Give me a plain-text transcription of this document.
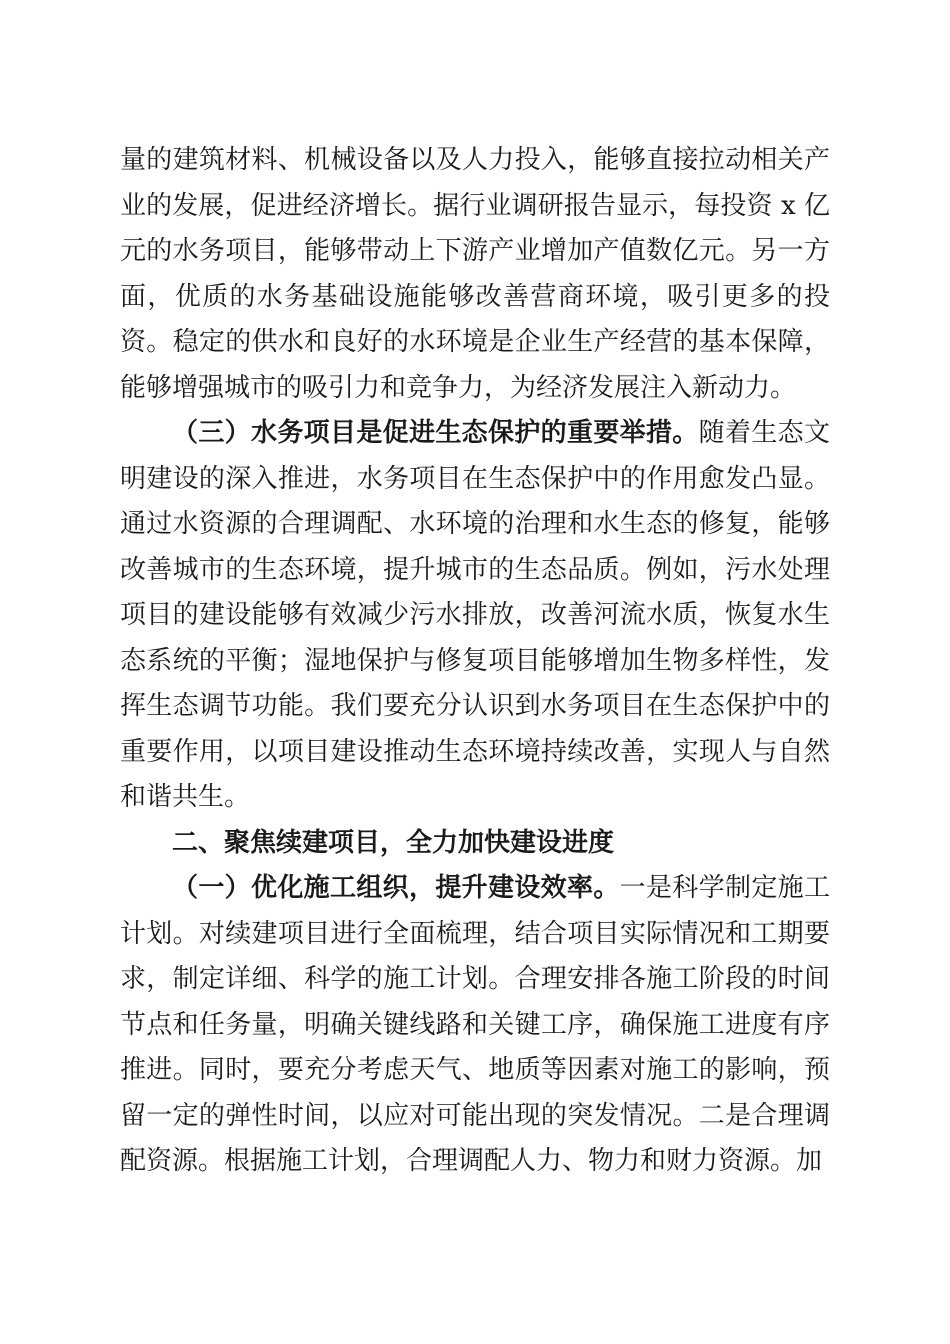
量的建筑材料、机械设备以及人力投入，能够直接拉动相关产业的发展，促进经济增长。据行业调研报告显示，每投资 x 亿元的水务项目，能够带动上下游产业增加产值数亿元。另一方面，优质的水务基础设施能够改善营商环境，吸引更多的投资。稳定的供水和良好的水环境是企业生产经营的基本保障，能够增强城市的吸引力和竞争力，为经济发展注入新动力。

（三）水务项目是促进生态保护的重要举措。随着生态文明建设的深入推进，水务项目在生态保护中的作用愈发凸显。通过水资源的合理调配、水环境的治理和水生态的修复，能够改善城市的生态环境，提升城市的生态品质。例如，污水处理项目的建设能够有效减少污水排放，改善河流水质，恢复水生态系统的平衡；湿地保护与修复项目能够增加生物多样性，发挥生态调节功能。我们要充分认识到水务项目在生态保护中的重要作用，以项目建设推动生态环境持续改善，实现人与自然和谐共生。

二、聚焦续建项目，全力加快建设进度

（一）优化施工组织，提升建设效率。一是科学制定施工计划。对续建项目进行全面梳理，结合项目实际情况和工期要求，制定详细、科学的施工计划。合理安排各施工阶段的时间节点和任务量，明确关键线路和关键工序，确保施工进度有序推进。同时，要充分考虑天气、地质等因素对施工的影响，预留一定的弹性时间，以应对可能出现的突发情况。二是合理调配资源。根据施工计划，合理调配人力、物力和财力资源。加
